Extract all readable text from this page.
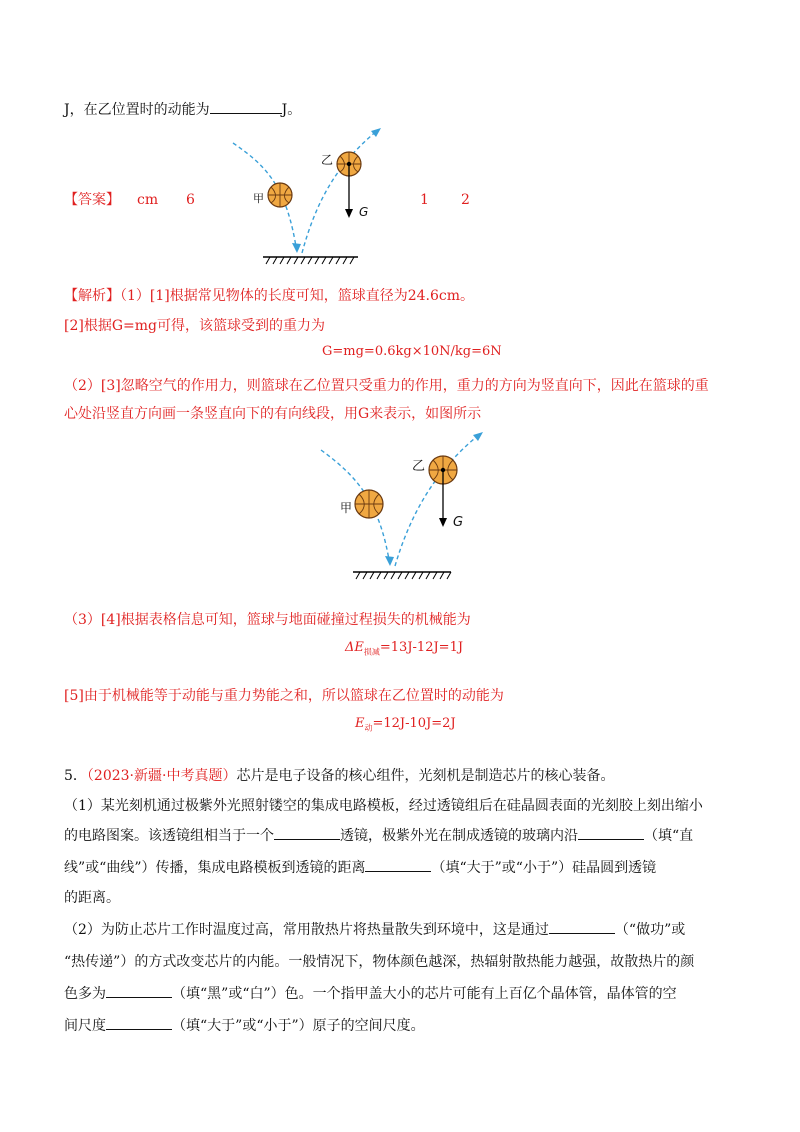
J，在乙位置时的动能为	J。
【答案】 cm 6	1 2
甲
乙
G
【解析】（1）[1]根据常见物体的长度可知，篮球直径为24.6cm。
[2]根据G=mg可得，该篮球受到的重力为
G=mg=0.6kg×10N/kg=6N
（2）[3]忽略空气的作用力，则篮球在乙位置只受重力的作用，重力的方向为竖直向下，因此在篮球的重
心处沿竖直方向画一条竖直向下的有向线段，用G来表示，如图所示
甲
乙
G
（3）[4]根据表格信息可知，篮球与地面碰撞过程损失的机械能为
$\Delta E_{损减}=13J-12J=1J$
[5]由于机械能等于动能与重力势能之和，所以篮球在乙位置时的动能为
$E_动=12J-10J=2J$
5．（2023·新疆·中考真题）芯片是电子设备的核心组件，光刻机是制造芯片的核心装备。
（1）某光刻机通过极紫外光照射镂空的集成电路模板，经过透镜组后在硅晶圆表面的光刻胶上刻出缩小
的电路图案。该透镜组相当于一个	透镜，极紫外光在制成透镜的玻璃内沿	（填“直
线”或“曲线”）传播，集成电路模板到透镜的距离	（填“大于”或“小于”）硅晶圆到透镜
的距离。
（2）为防止芯片工作时温度过高，常用散热片将热量散失到环境中，这是通过	（“做功”或
“热传递”）的方式改变芯片的内能。一般情况下，物体颜色越深，热辐射散热能力越强，故散热片的颜
色多为	（填“黑”或“白”）色。一个指甲盖大小的芯片可能有上百亿个晶体管，晶体管的空
间尺度	（填“大于”或“小于”）原子的空间尺度。
